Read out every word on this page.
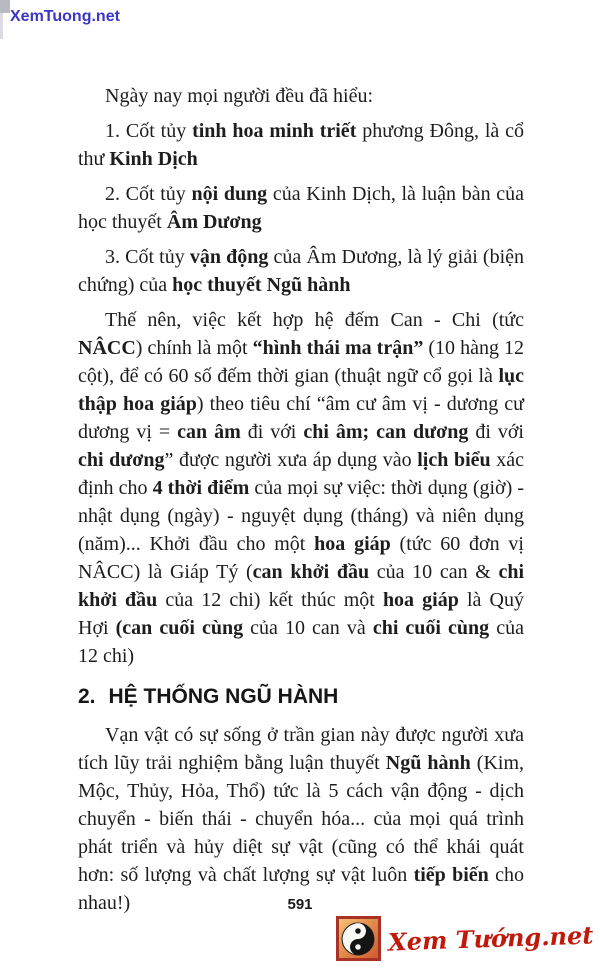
XemTuong.net
Ngày nay mọi người đều đã hiểu:
1. Cốt tủy tinh hoa minh triết phương Đông, là cổ thư Kinh Dịch
2. Cốt tủy nội dung của Kinh Dịch, là luận bàn của học thuyết Âm Dương
3. Cốt tủy vận động của Âm Dương, là lý giải (biện chứng) của học thuyết Ngũ hành
Thế nên, việc kết hợp hệ đếm Can - Chi (tức NÂCC) chính là một “hình thái ma trận” (10 hàng 12 cột), để có 60 số đếm thời gian (thuật ngữ cổ gọi là lục thập hoa giáp) theo tiêu chí “âm cư âm vị - dương cư dương vị = can âm đi với chi âm; can dương đi với chi dương” được người xưa áp dụng vào lịch biểu xác định cho 4 thời điểm của mọi sự việc: thời dụng (giờ) - nhật dụng (ngày) - nguyệt dụng (tháng) và niên dụng (năm)... Khởi đầu cho một hoa giáp (tức 60 đơn vị NÂCC) là Giáp Tý (can khởi đầu của 10 can & chi khởi đầu của 12 chi) kết thúc một hoa giáp là Quý Hợi (can cuối cùng của 10 can và chi cuối cùng của 12 chi)
2. HỆ THỐNG NGŨ HÀNH
Vạn vật có sự sống ở trần gian này được người xưa tích lũy trải nghiệm bằng luận thuyết Ngũ hành (Kim, Mộc, Thủy, Hỏa, Thổ) tức là 5 cách vận động - dịch chuyển - biến thái - chuyển hóa... của mọi quá trình phát triển và hủy diệt sự vật (cũng có thể khái quát hơn: số lượng và chất lượng sự vật luôn tiếp biến cho nhau!)	591
Xem Tướng.net
